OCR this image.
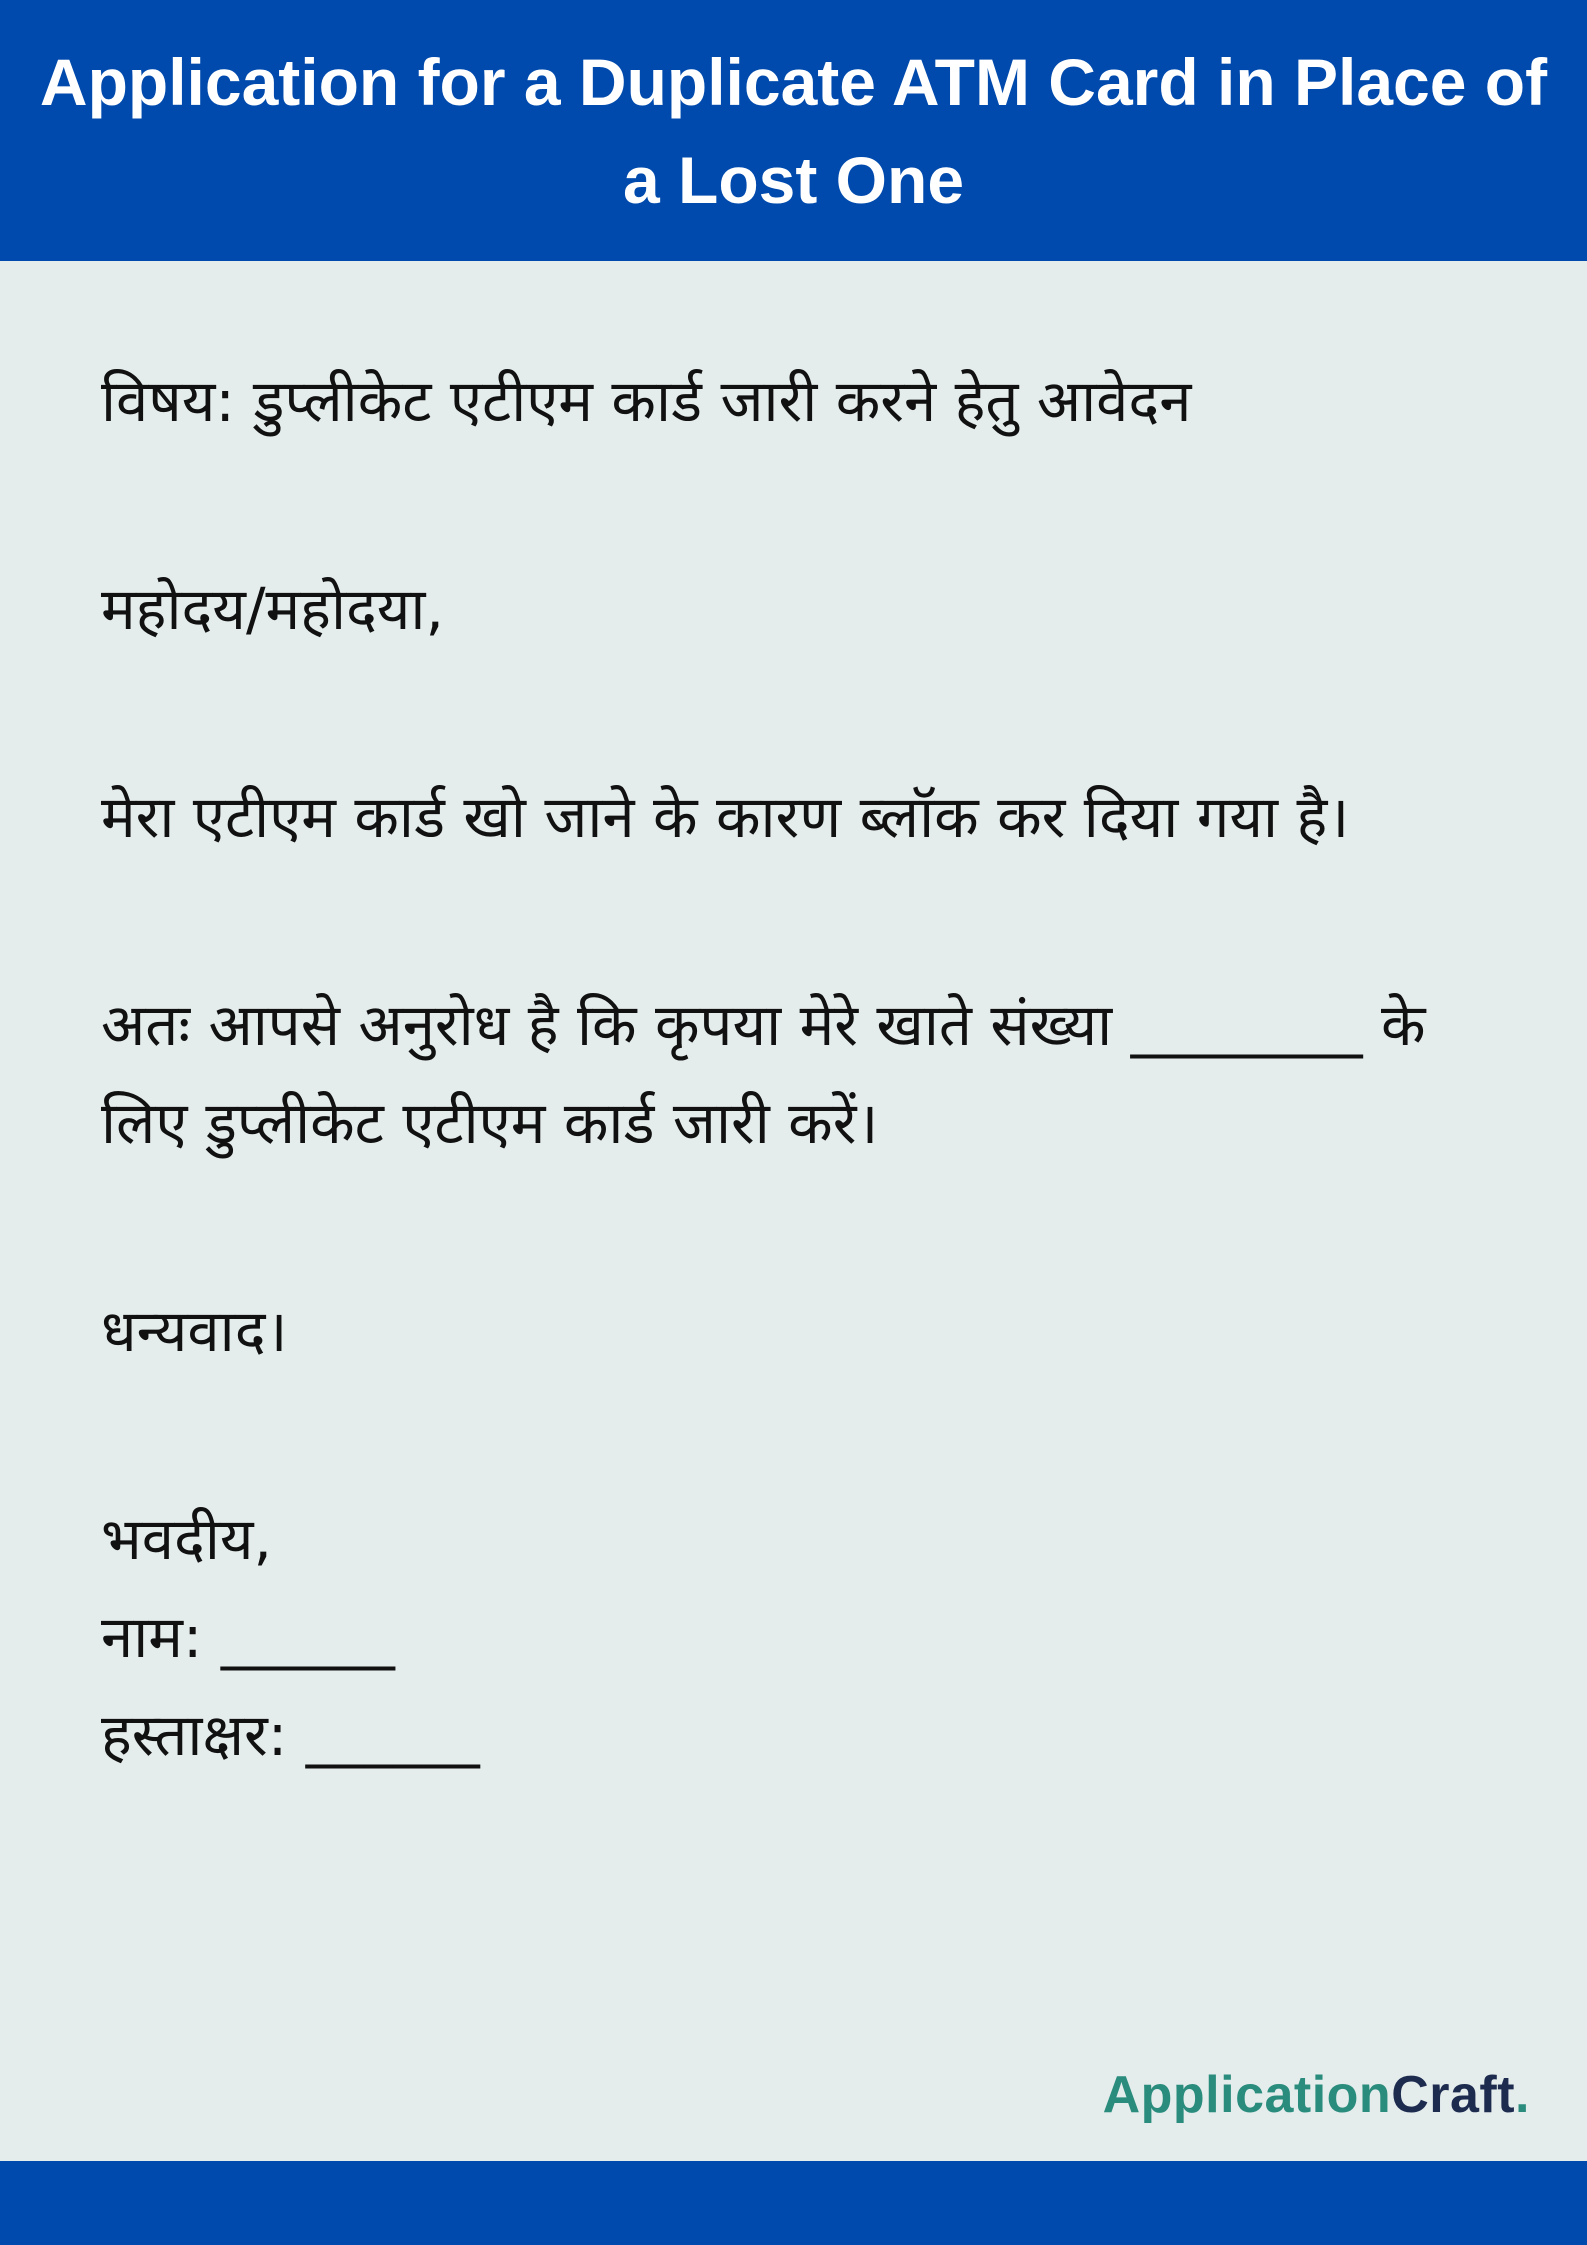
Application for a Duplicate ATM Card in Place of a Lost One

विषय: डुप्लीकेट एटीएम कार्ड जारी करने हेतु आवेदन

महोदय/महोदया,

मेरा एटीएम कार्ड खो जाने के कारण ब्लॉक कर दिया गया है।

अतः आपसे अनुरोध है कि कृपया मेरे खाते संख्या ________ के लिए डुप्लीकेट एटीएम कार्ड जारी करें।

धन्यवाद।

भवदीय,

नाम: ______

हस्ताक्षर: ______

ApplicationCraft.
